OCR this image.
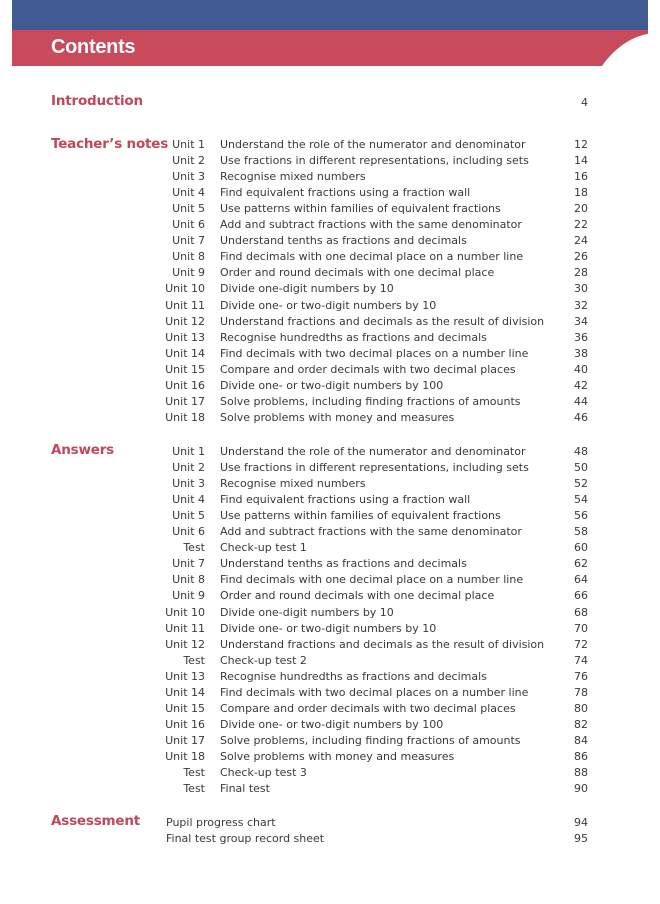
Contents
Introduction	4
Teacher’s notes Unit 1 Understand the role of the numerator and denominator	12
Unit 2 Use fractions in different representations, including sets	14
Unit 3 Recognise mixed numbers	16
Unit 4 Find equivalent fractions using a fraction wall	18
Unit 5 Use patterns within families of equivalent fractions	20
Unit 6 Add and subtract fractions with the same denominator	22
Unit 7 Understand tenths as fractions and decimals	24
Unit 8 Find decimals with one decimal place on a number line	26
Unit 9 Order and round decimals with one decimal place	28
Unit 10 Divide one-digit numbers by 10	30
Unit 11 Divide one- or two-digit numbers by 10	32
Unit 12 Understand fractions and decimals as the result of division	34
Unit 13 Recognise hundredths as fractions and decimals	36
Unit 14 Find decimals with two decimal places on a number line	38
Unit 15 Compare and order decimals with two decimal places	40
Unit 16 Divide one- or two-digit numbers by 100	42
Unit 17 Solve problems, including finding fractions of amounts	44
Unit 18 Solve problems with money and measures	46
Answers	Unit 1 Understand the role of the numerator and denominator	48
Unit 2 Use fractions in different representations, including sets	50
Unit 3 Recognise mixed numbers	52
Unit 4 Find equivalent fractions using a fraction wall	54
Unit 5 Use patterns within families of equivalent fractions	56
Unit 6 Add and subtract fractions with the same denominator	58
Test Check-up test 1	60
Unit 7 Understand tenths as fractions and decimals	62
Unit 8 Find decimals with one decimal place on a number line	64
Unit 9 Order and round decimals with one decimal place	66
Unit 10 Divide one-digit numbers by 10	68
Unit 11 Divide one- or two-digit numbers by 10	70
Unit 12 Understand fractions and decimals as the result of division	72
Test Check-up test 2	74
Unit 13 Recognise hundredths as fractions and decimals	76
Unit 14 Find decimals with two decimal places on a number line	78
Unit 15 Compare and order decimals with two decimal places	80
Unit 16 Divide one- or two-digit numbers by 100	82
Unit 17 Solve problems, including finding fractions of amounts	84
Unit 18 Solve problems with money and measures	86
Test Check-up test 3	88
Test Final test	90
Assessment Pupil progress chart	94
Final test group record sheet	95
